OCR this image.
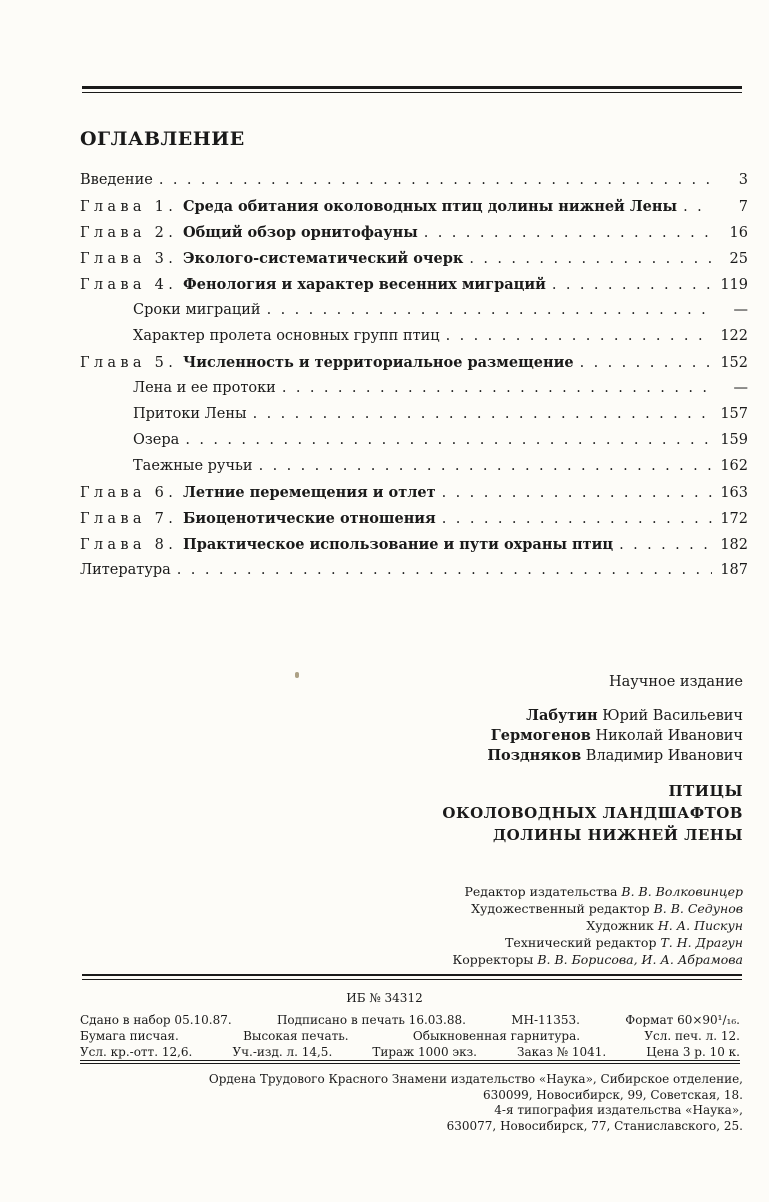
ОГЛАВЛЕНИЕ
Введение . . .	3
Глава 1. Среда обитания околоводных птиц долины нижней Лены . . .	7
Глава 2. Общий обзор орнитофауны . . .	16
Глава 3. Эколого-систематический очерк . . .	25
Глава 4. Фенология и характер весенних миграций . . .	119
Сроки миграций . . .	—
Характер пролета основных групп птиц . . .	122
Глава 5. Численность и территориальное размещение . . .	152
Лена и ее протоки . . .	—
Притоки Лены . . .	157
Озера . . .	159
Таежные ручьи . . .	162
Глава 6. Летние перемещения и отлет . . .	163
Глава 7. Биоценотические отношения . . .	172
Глава 8. Практическое использование и пути охраны птиц . . .	182
Литература . . .	187
Научное издание
Лабутин Юрий Васильевич
Гермогенов Николай Иванович
Поздняков Владимир Иванович
ПТИЦЫ
ОКОЛОВОДНЫХ ЛАНДШАФТОВ
ДОЛИНЫ НИЖНЕЙ ЛЕНЫ
Редактор издательства В. В. Волковинцер
Художественный редактор В. В. Седунов
Художник Н. А. Пискун
Технический редактор Т. Н. Драгун
Корректоры В. В. Борисова, И. А. Абрамова
ИБ № 34312
Сдано в набор 05.10.87.	Подписано в печать 16.03.88.	МН-11353.	Формат 60×90¹/₁₆.
Бумага писчая.	Высокая печать.	Обыкновенная гарнитура.	Усл. печ. л. 12.
Усл. кр.-отт. 12,6.	Уч.-изд. л. 14,5.	Тираж 1000 экз.	Заказ № 1041.	Цена 3 р. 10 к.
Ордена Трудового Красного Знамени издательство «Наука», Сибирское отделение,
630099, Новосибирск, 99, Советская, 18.
4-я типография издательства «Наука»,
630077, Новосибирск, 77, Станиславского, 25.
